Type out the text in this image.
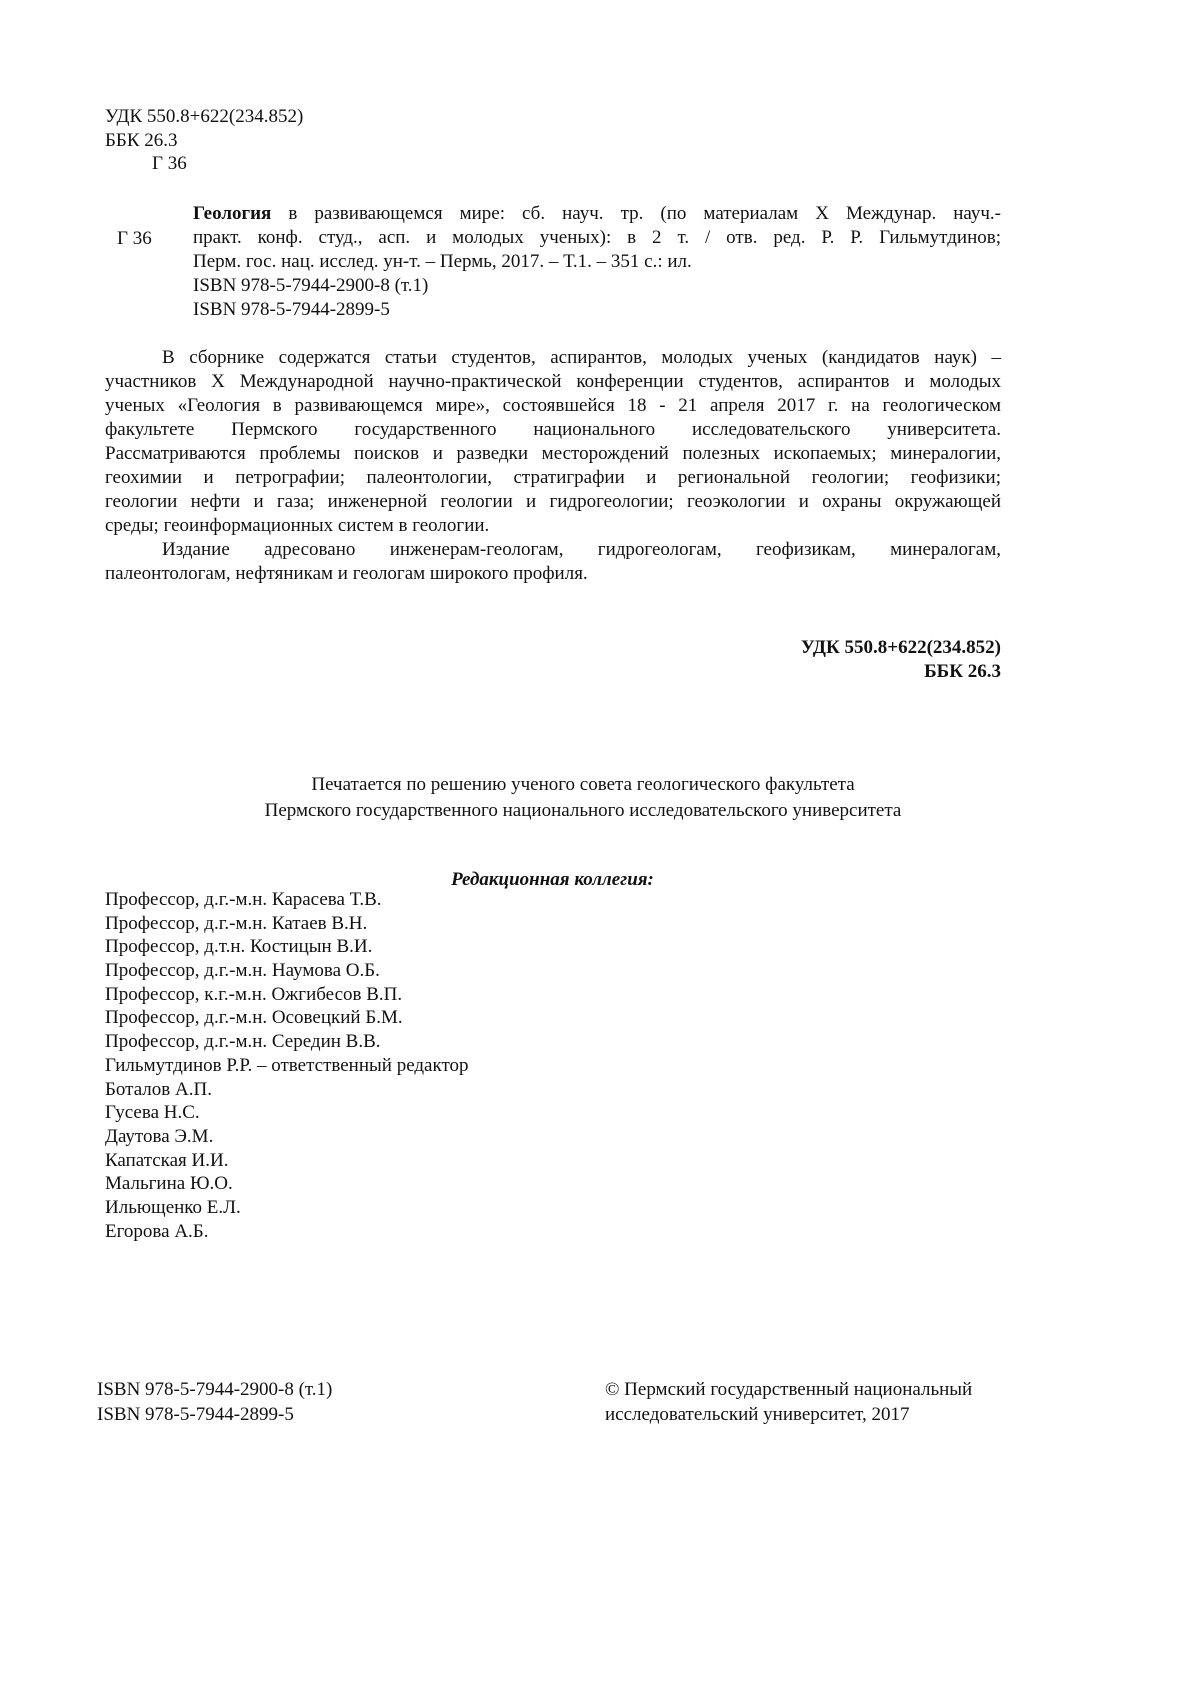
УДК 550.8+622(234.852)
ББК 26.3
Г 36
Г 36
Геология в развивающемся мире: сб. науч. тр. (по материалам X Междунар. науч.-
практ. конф. студ., асп. и молодых ученых): в 2 т. / отв. ред. Р. Р. Гильмутдинов;
Перм. гос. нац. исслед. ун-т. – Пермь, 2017. – Т.1. – 351 с.: ил.
ISBN 978-5-7944-2900-8 (т.1)
ISBN 978-5-7944-2899-5
В сборнике содержатся статьи студентов, аспирантов, молодых ученых (кандидатов наук) –
участников X Международной научно-практической конференции студентов, аспирантов и молодых
ученых «Геология в развивающемся мире», состоявшейся 18 - 21 апреля 2017 г. на геологическом
факультете Пермского государственного национального исследовательского университета.
Рассматриваются проблемы поисков и разведки месторождений полезных ископаемых; минералогии,
геохимии и петрографии; палеонтологии, стратиграфии и региональной геологии; геофизики;
геологии нефти и газа; инженерной геологии и гидрогеологии; геоэкологии и охраны окружающей
среды; геоинформационных систем в геологии.
Издание адресовано инженерам-геологам, гидрогеологам, геофизикам, минералогам,
палеонтологам, нефтяникам и геологам широкого профиля.
УДК 550.8+622(234.852)
ББК 26.3
Печатается по решению ученого совета геологического факультета
Пермского государственного национального исследовательского университета
Редакционная коллегия:
Профессор, д.г.-м.н. Карасева Т.В.
Профессор, д.г.-м.н. Катаев В.Н.
Профессор, д.т.н. Костицын В.И.
Профессор, д.г.-м.н. Наумова О.Б.
Профессор, к.г.-м.н. Ожгибесов В.П.
Профессор, д.г.-м.н. Осовецкий Б.М.
Профессор, д.г.-м.н. Середин В.В.
Гильмутдинов Р.Р. – ответственный редактор
Боталов А.П.
Гусева Н.С.
Даутова Э.М.
Капатская И.И.
Мальгина Ю.О.
Ильющенко Е.Л.
Егорова А.Б.
ISBN 978-5-7944-2900-8 (т.1)
ISBN 978-5-7944-2899-5
© Пермский государственный национальный
исследовательский университет, 2017
